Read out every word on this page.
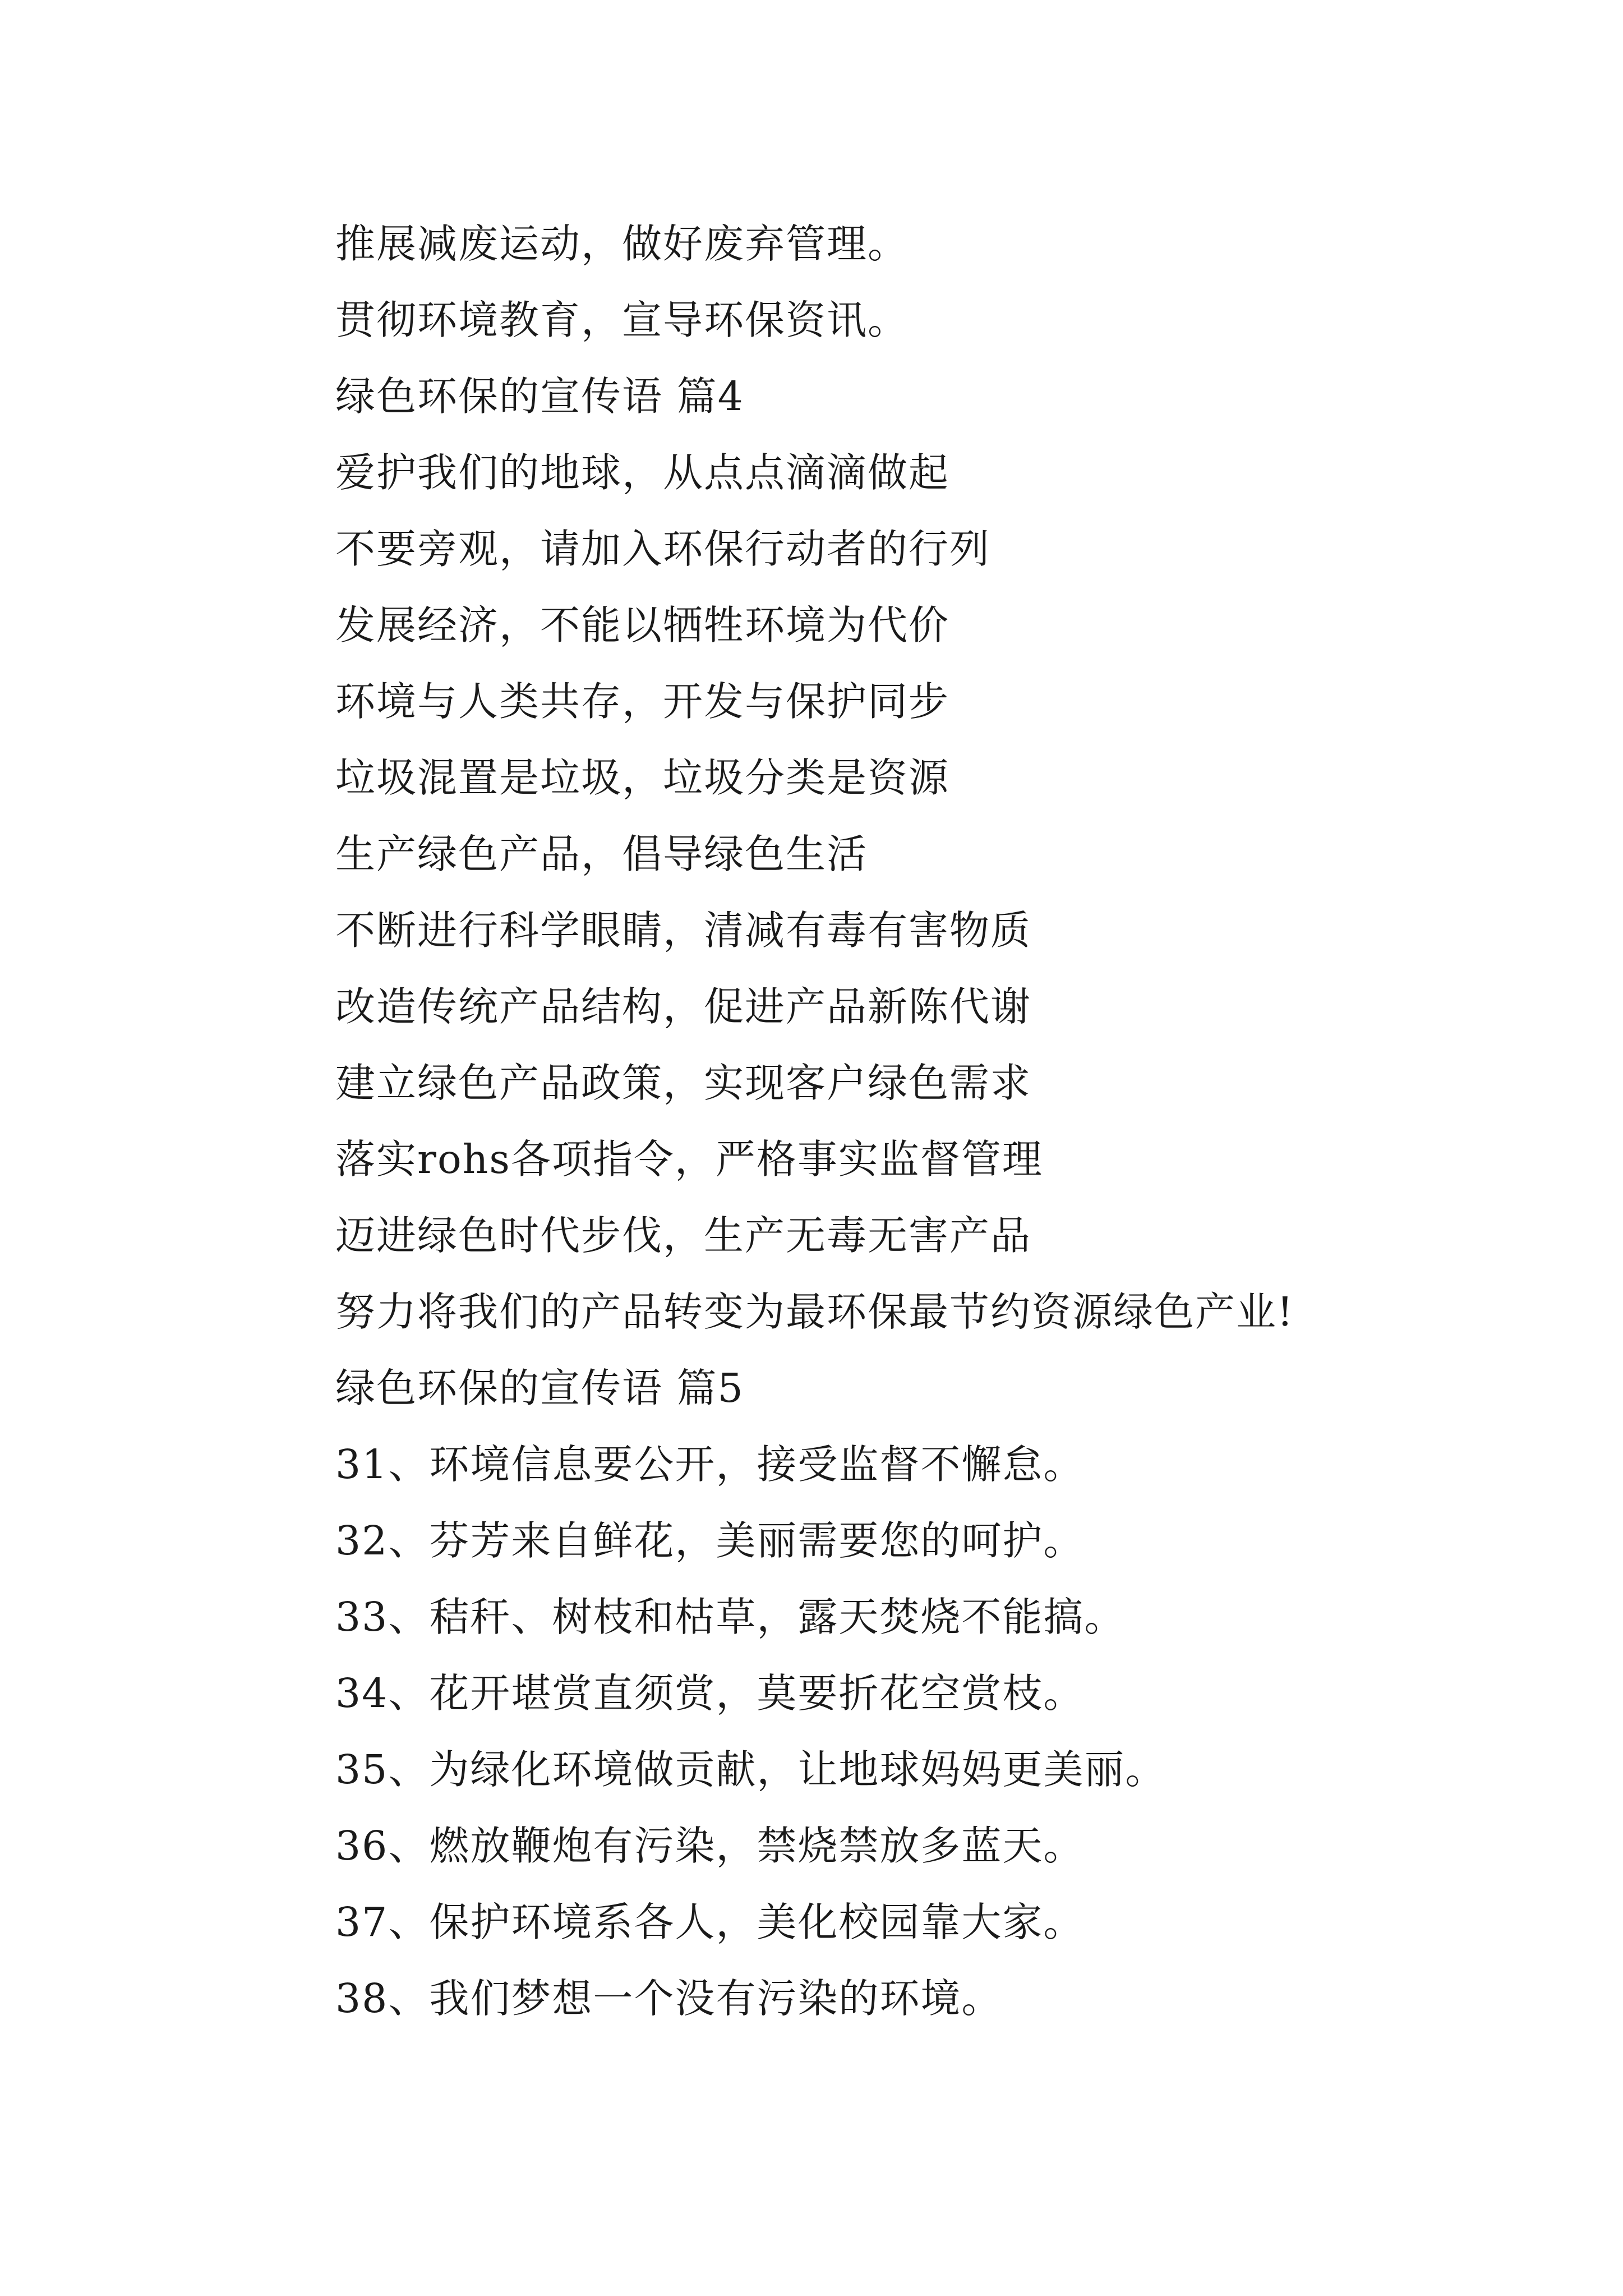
推展减废运动，做好废弃管理。
贯彻环境教育，宣导环保资讯。
绿色环保的宣传语 篇4
爱护我们的地球，从点点滴滴做起
不要旁观，请加入环保行动者的行列
发展经济，不能以牺牲环境为代价
环境与人类共存，开发与保护同步
垃圾混置是垃圾，垃圾分类是资源
生产绿色产品，倡导绿色生活
不断进行科学眼睛，清减有毒有害物质
改造传统产品结构，促进产品新陈代谢
建立绿色产品政策，实现客户绿色需求
落实rohs各项指令，严格事实监督管理
迈进绿色时代步伐，生产无毒无害产品
努力将我们的产品转变为最环保最节约资源绿色产业!
绿色环保的宣传语 篇5
31、环境信息要公开，接受监督不懈怠。
32、芬芳来自鲜花，美丽需要您的呵护。
33、秸秆、树枝和枯草，露天焚烧不能搞。
34、花开堪赏直须赏，莫要折花空赏枝。
35、为绿化环境做贡献，让地球妈妈更美丽。
36、燃放鞭炮有污染，禁烧禁放多蓝天。
37、保护环境系各人，美化校园靠大家。
38、我们梦想一个没有污染的环境。
